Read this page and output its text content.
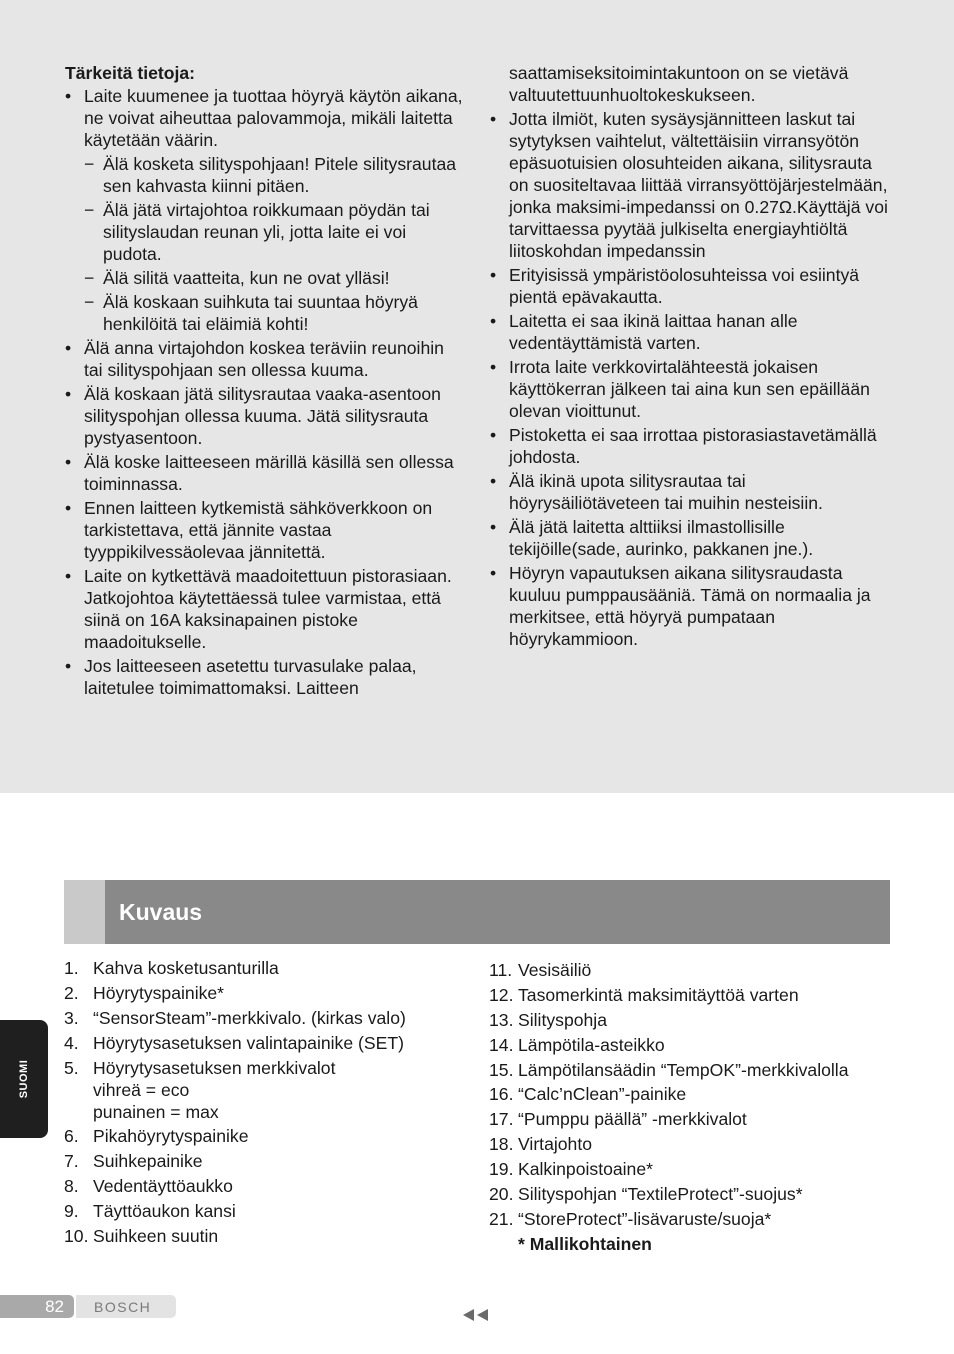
Tärkeitä tietoja:
• Laite kuumenee ja tuottaa höyryä käytön aikana, ne voivat aiheuttaa palovammoja, mikäli laitetta käytetään väärin.
− Älä kosketa silityspohjaan! Pitele silitysrautaa sen kahvasta kiinni pitäen.
− Älä jätä virtajohtoa roikkumaan pöydän tai silityslaudan reunan yli, jotta laite ei voi pudota.
− Älä silitä vaatteita, kun ne ovat ylläsi!
− Älä koskaan suihkuta tai suuntaa höyryä henkilöitä tai eläimiä kohti!
• Älä anna virtajohdon koskea teräviin reunoihin tai silityspohjaan sen ollessa kuuma.
• Älä koskaan jätä silitysrautaa vaaka-asentoon silityspohjan ollessa kuuma. Jätä silitysrauta pystyasentoon.
• Älä koske laitteeseen märillä käsillä sen ollessa toiminnassa.
• Ennen laitteen kytkemistä sähköverkkoon on tarkistettava, että jännite vastaa tyyppikilvessäolevaa jännitettä.
• Laite on kytkettävä maadoitettuun pistorasiaan. Jatkojohtoa käytettäessä tulee varmistaa, että siinä on 16A kaksinapainen pistoke maadoitukselle.
• Jos laitteeseen asetettu turvasulake palaa, laitetulee toimimattomaksi. Laitteen
saattamiseksitoimintakuntoon on se vietävä valtuutettuunhuoltokeskukseen.
• Jotta ilmiöt, kuten sysäysjännitteen laskut tai sytytyksen vaihtelut, vältettäisiin virransyötön epäsuotuisien olosuhteiden aikana, silitysrauta on suositeltavaa liittää virransyöttöjärjestelmään, jonka maksimi-impedanssi on 0.27Ω.Käyttäjä voi tarvittaessa pyytää julkiselta energiayhtiöltä liitoskohdan impedanssin
• Erityisissä ympäristöolosuhteissa voi esiintyä pientä epävakautta.
• Laitetta ei saa ikinä laittaa hanan alle vedentäyttämistä varten.
• Irrota laite verkkovirtalähteestä jokaisen käyttökerran jälkeen tai aina kun sen epäillään olevan vioittunut.
• Pistoketta ei saa irrottaa pistorasiastavetämällä johdosta.
• Älä ikinä upota silitysrautaa tai höyrysäiliötäveteen tai muihin nesteisiin.
• Älä jätä laitetta alttiiksi ilmastollisille tekijöille(sade, aurinko, pakkanen jne.).
• Höyryn vapautuksen aikana silitysraudasta kuuluu pumppausääniä. Tämä on normaalia ja merkitsee, että höyryä pumpataan höyrykammioon.
Kuvaus
1. Kahva kosketusanturilla
2. Höyrytyspainike*
3. “SensorSteam”-merkkivalo. (kirkas valo)
4. Höyrytysasetuksen valintapainike (SET)
5. Höyrytysasetuksen merkkivalot
vihreä = eco
punainen = max
6. Pikahöyrytyspainike
7. Suihkepainike
8. Vedentäyttöaukko
9. Täyttöaukon kansi
10. Suihkeen suutin
11. Vesisäiliö
12. Tasomerkintä maksimitäyttöä varten
13. Silityspohja
14. Lämpötila-asteikko
15. Lämpötilansäädin “TempOK”-merkkivalolla
16. “Calc’nClean”-painike
17. “Pumppu päällä” -merkkivalot
18. Virtajohto
19. Kalkinpoistoaine*
20. Silityspohjan “TextileProtect”-suojus*
21. “StoreProtect”-lisävaruste/suoja*
* Mallikohtainen
SUOMI
82 BOSCH
